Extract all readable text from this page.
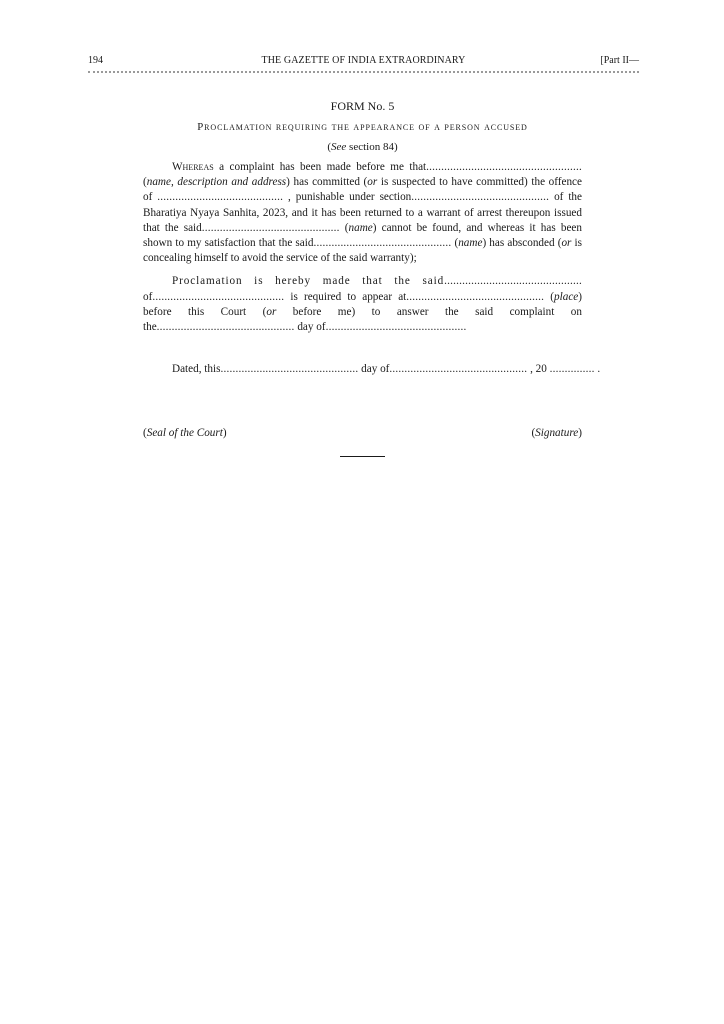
194	THE GAZETTE OF INDIA EXTRAORDINARY	[Part II—

FORM No. 5

Proclamation requiring the appearance of a person accused

(See section 84)

Whereas a complaint has been made before me that.................................................... (name, description and address) has committed (or is suspected to have committed) the offence of .......................................... , punishable under section.............................................. of the Bharatiya Nyaya Sanhita, 2023, and it has been returned to a warrant of arrest thereupon issued that the said.............................................. (name) cannot be found, and whereas it has been shown to my satisfaction that the said.............................................. (name) has absconded (or is concealing himself to avoid the service of the said warranty);

Proclamation is hereby made that the said.............................................. of............................................ is required to appear at.............................................. (place) before this Court (or before me) to answer the said complaint on the.............................................. day of...............................................

Dated, this.............................................. day of.............................................. , 20 ............... .
(Seal of the Court)	(Signature)
